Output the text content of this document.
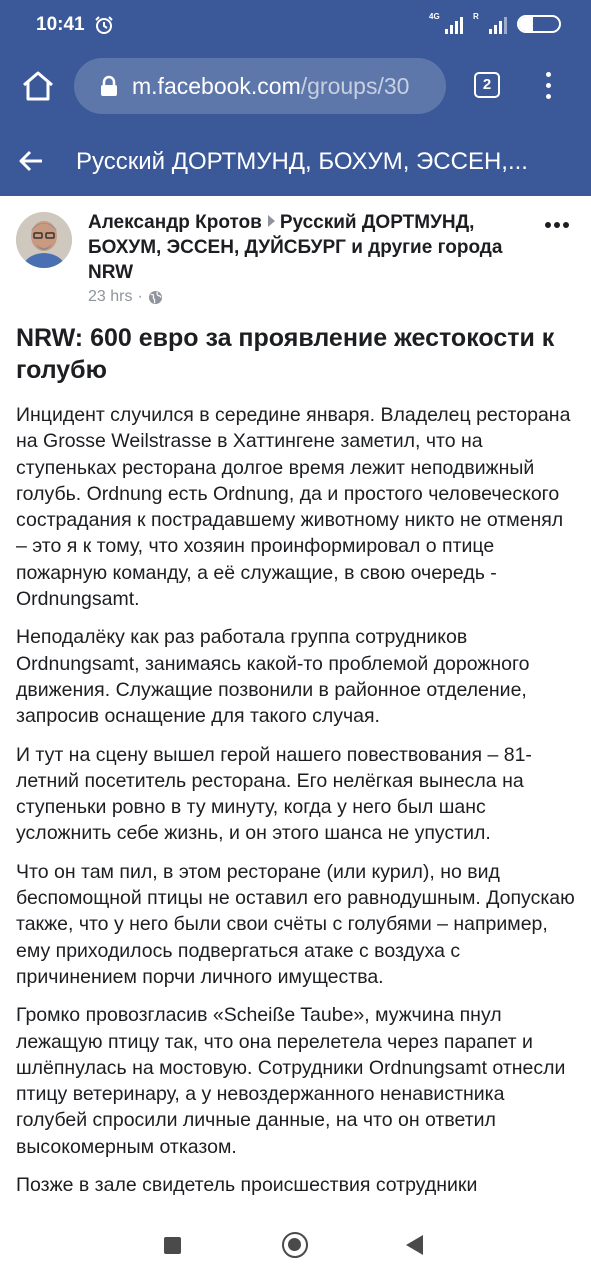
10:41	4G	R
36
m.facebook.com/groups/30	2
Русский ДОРТМУНД, БОХУМ, ЭССЕН,...
Александр Кротов Русский ДОРТМУНД, БОХУМ, ЭССЕН, ДУЙСБУРГ и другие города NRW
23 hrs ·
NRW: 600 евро за проявление жестокости к голубю

Инцидент случился в середине января. Владелец ресторана на Grosse Weilstrasse в Хаттингене заметил, что на ступеньках ресторана долгое время лежит неподвижный голубь. Ordnung есть Ordnung, да и простого человеческого сострадания к пострадавшему животному никто не отменял – это я к тому, что хозяин проинформировал о птице пожарную команду, а её служащие, в свою очередь - Ordnungsamt.

Неподалёку как раз работала группа сотрудников Ordnungsamt, занимаясь какой-то проблемой дорожного движения. Служащие позвонили в районное отделение, запросив оснащение для такого случая.

И тут на сцену вышел герой нашего повествования – 81-летний посетитель ресторана. Его нелёгкая вынесла на ступеньки ровно в ту минуту, когда у него был шанс усложнить себе жизнь, и он этого шанса не упустил.

Что он там пил, в этом ресторане (или курил), но вид беспомощной птицы не оставил его равнодушным. Допускаю также, что у него были свои счёты с голубями – например, ему приходилось подвергаться атаке с воздуха с причинением порчи личного имущества.

Громко провозгласив «Scheiße Taube», мужчина пнул лежащую птицу так, что она перелетела через парапет и шлёпнулась на мостовую. Сотрудники Ordnungsamt отнесли птицу ветеринару, а у невоздержанного ненавистника голубей спросили личные данные, на что он ответил высокомерным отказом.

Позже в зале свидетель происшествия сотрудники
